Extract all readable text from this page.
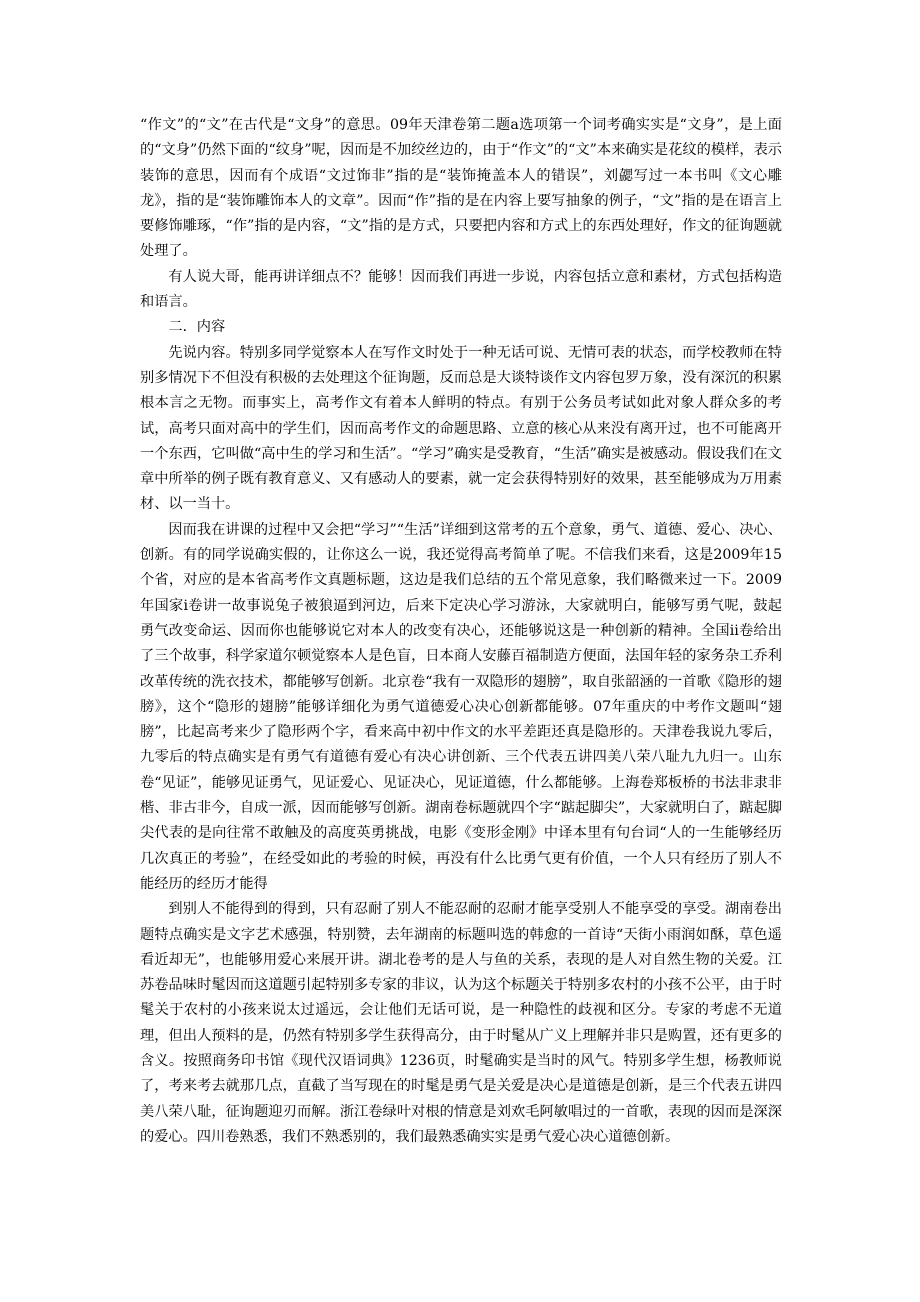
“作文”的“文”在古代是“文身”的意思。09年天津卷第二题a选项第一个词考确实实是“文身”，是上面的“文身”仍然下面的“纹身”呢，因而是不加绞丝边的，由于“作文”的“文”本来确实是花纹的模样，表示装饰的意思，因而有个成语“文过饰非”指的是“装饰掩盖本人的错误”，刘勰写过一本书叫《文心雕龙》，指的是“装饰雕饰本人的文章”。因而“作”指的是在内容上要写抽象的例子，“文”指的是在语言上要修饰雕琢，“作”指的是内容，“文”指的是方式，只要把内容和方式上的东西处理好，作文的征询题就处理了。

有人说大哥，能再讲详细点不？能够！因而我们再进一步说，内容包括立意和素材，方式包括构造和语言。

二．内容

先说内容。特别多同学觉察本人在写作文时处于一种无话可说、无情可表的状态，而学校教师在特别多情况下不但没有积极的去处理这个征询题，反而总是大谈特谈作文内容包罗万象，没有深沉的积累根本言之无物。而事实上，高考作文有着本人鲜明的特点。有别于公务员考试如此对象人群众多的考试，高考只面对高中的学生们，因而高考作文的命题思路、立意的核心从来没有离开过，也不可能离开一个东西，它叫做“高中生的学习和生活”。“学习”确实是受教育，“生活”确实是被感动。假设我们在文章中所举的例子既有教育意义、又有感动人的要素，就一定会获得特别好的效果，甚至能够成为万用素材、以一当十。

因而我在讲课的过程中又会把“学习”“生活”详细到这常考的五个意象，勇气、道德、爱心、决心、创新。有的同学说确实假的，让你这么一说，我还觉得高考简单了呢。不信我们来看，这是2009年15个省，对应的是本省高考作文真题标题，这边是我们总结的五个常见意象，我们略微来过一下。2009年国家i卷讲一故事说兔子被狼逼到河边，后来下定决心学习游泳，大家就明白，能够写勇气呢，鼓起勇气改变命运、因而你也能够说它对本人的改变有决心，还能够说这是一种创新的精神。全国ii卷给出了三个故事，科学家道尔顿觉察本人是色盲，日本商人安藤百福制造方便面，法国年轻的家务杂工乔利改革传统的洗衣技术，都能够写创新。北京卷“我有一双隐形的翅膀”，取自张韶涵的一首歌《隐形的翅膀》，这个“隐形的翅膀”能够详细化为勇气道德爱心决心创新都能够。07年重庆的中考作文题叫“翅膀”，比起高考来少了隐形两个字，看来高中初中作文的水平差距还真是隐形的。天津卷我说九零后，九零后的特点确实是有勇气有道德有爱心有决心讲创新、三个代表五讲四美八荣八耻九九归一。山东卷“见证”，能够见证勇气，见证爱心、见证决心，见证道德，什么都能够。上海卷郑板桥的书法非隶非楷、非古非今，自成一派，因而能够写创新。湖南卷标题就四个字“踮起脚尖”，大家就明白了，踮起脚尖代表的是向往常不敢触及的高度英勇挑战，电影《变形金刚》中译本里有句台词“人的一生能够经历几次真正的考验”，在经受如此的考验的时候，再没有什么比勇气更有价值，一个人只有经历了别人不能经历的经历才能得

到别人不能得到的得到，只有忍耐了别人不能忍耐的忍耐才能享受别人不能享受的享受。湖南卷出题特点确实是文字艺术感强，特别赞，去年湖南的标题叫选的韩愈的一首诗“天街小雨润如酥，草色遥看近却无”，也能够用爱心来展开讲。湖北卷考的是人与鱼的关系，表现的是人对自然生物的关爱。江苏卷品味时髦因而这道题引起特别多专家的非议，认为这个标题关于特别多农村的小孩不公平，由于时髦关于农村的小孩来说太过遥远，会让他们无话可说，是一种隐性的歧视和区分。专家的考虑不无道理，但出人预料的是，仍然有特别多学生获得高分，由于时髦从广义上理解并非只是购置，还有更多的含义。按照商务印书馆《现代汉语词典》1236页，时髦确实是当时的风气。特别多学生想，杨教师说了，考来考去就那几点，直截了当写现在的时髦是勇气是关爱是决心是道德是创新，是三个代表五讲四美八荣八耻，征询题迎刃而解。浙江卷绿叶对根的情意是刘欢毛阿敏唱过的一首歌，表现的因而是深深的爱心。四川卷熟悉，我们不熟悉别的，我们最熟悉确实实是勇气爱心决心道德创新。
